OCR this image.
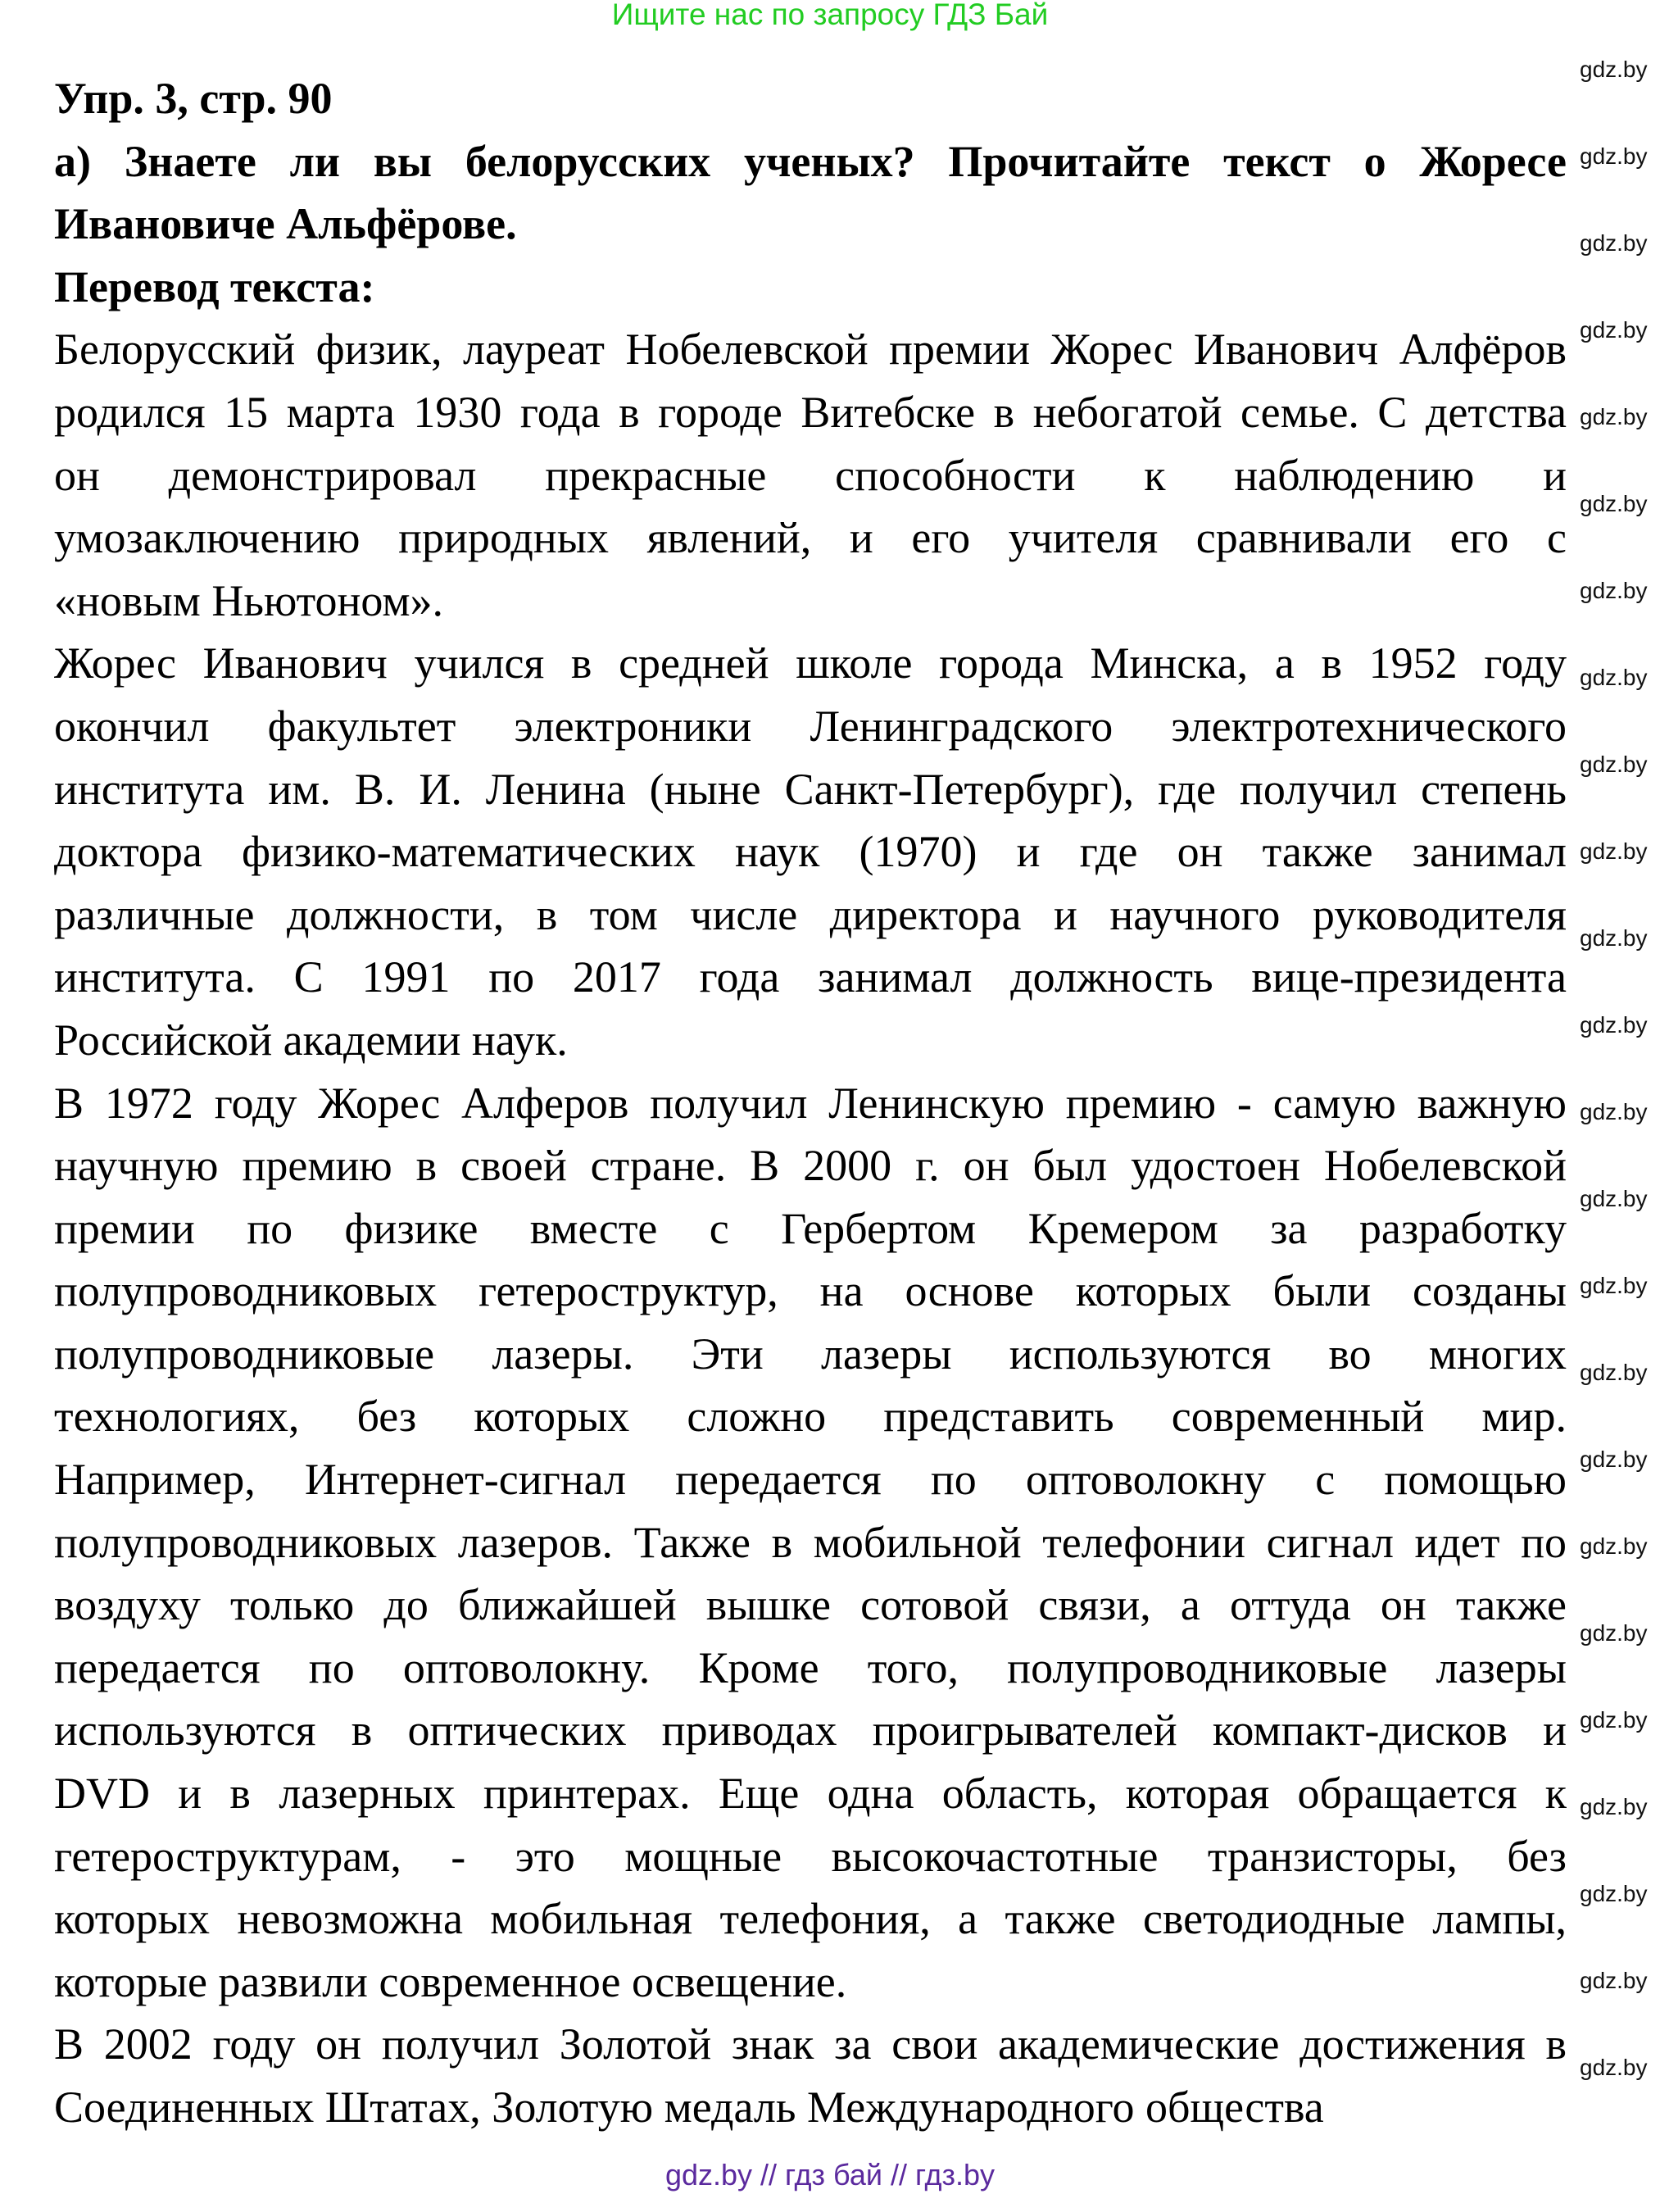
Ищите нас по запросу ГДЗ Бай
Упр. 3, стр. 90
а) Знаете ли вы белорусских ученых? Прочитайте текст о Жоресе
Ивановиче Альфёрове.
Перевод текста:
Белорусский физик, лауреат Нобелевской премии Жорес Иванович Алфёров
родился 15 марта 1930 года в городе Витебске в небогатой семье. С детства
он демонстрировал прекрасные способности к наблюдению и
умозаключению природных явлений, и его учителя сравнивали его с
«новым Ньютоном».
Жорес Иванович учился в средней школе города Минска, а в 1952 году
окончил факультет электроники Ленинградского электротехнического
института им. В. И. Ленина (ныне Санкт-Петербург), где получил степень
доктора физико-математических наук (1970) и где он также занимал
различные должности, в том числе директора и научного руководителя
института. С 1991 по 2017 года занимал должность вице-президента
Российской академии наук.
В 1972 году Жорес Алферов получил Ленинскую премию - самую важную
научную премию в своей стране. В 2000 г. он был удостоен Нобелевской
премии по физике вместе с Гербертом Кремером за разработку
полупроводниковых гетероструктур, на основе которых были созданы
полупроводниковые лазеры. Эти лазеры используются во многих
технологиях, без которых сложно представить современный мир.
Например, Интернет-сигнал передается по оптоволокну с помощью
полупроводниковых лазеров. Также в мобильной телефонии сигнал идет по
воздуху только до ближайшей вышке сотовой связи, а оттуда он также
передается по оптоволокну. Кроме того, полупроводниковые лазеры
используются в оптических приводах проигрывателей компакт-дисков и
DVD и в лазерных принтерах. Еще одна область, которая обращается к
гетероструктурам, - это мощные высокочастотные транзисторы, без
которых невозможна мобильная телефония, а также светодиодные лампы,
которые развили современное освещение.
В 2002 году он получил Золотой знак за свои академические достижения в
Соединенных Штатах, Золотую медаль Международного общества
gdz.by
gdz.by
gdz.by
gdz.by
gdz.by
gdz.by
gdz.by
gdz.by
gdz.by
gdz.by
gdz.by
gdz.by
gdz.by
gdz.by
gdz.by
gdz.by
gdz.by
gdz.by
gdz.by
gdz.by
gdz.by
gdz.by
gdz.by
gdz.by
gdz.by // гдз бай // гдз.by
